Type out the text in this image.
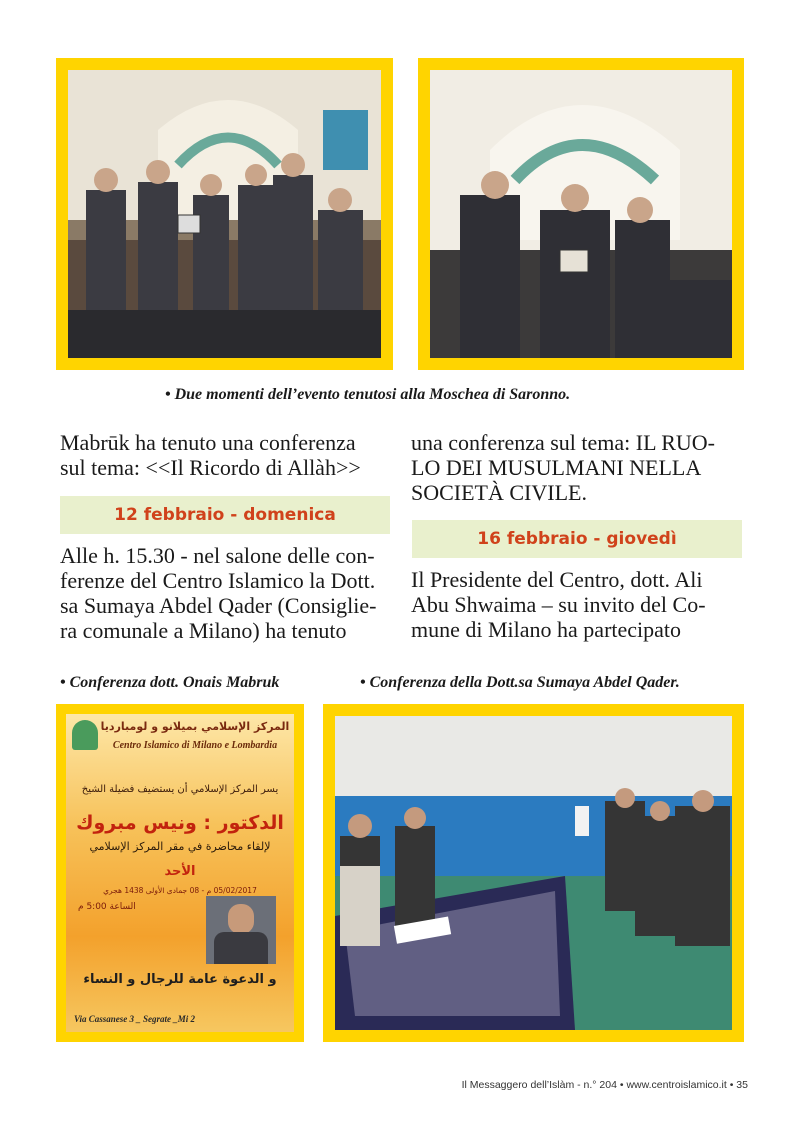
• Due momenti dell’evento tenutosi alla Moschea di Saronno.
Mabrūk ha tenuto una conferenza
sul tema: <<Il Ricordo di Allàh>>
12 febbraio - domenica
Alle h. 15.30 - nel salone delle con-
ferenze del Centro Islamico la Dott.
sa Sumaya Abdel Qader (Consiglie-
ra comunale a Milano) ha tenuto
una conferenza sul tema: IL RUO-
LO DEI MUSULMANI NELLA
SOCIETÀ CIVILE.
16 febbraio - giovedì
Il Presidente del Centro, dott. Ali
Abu Shwaima – su invito del Co-
mune di Milano ha partecipato
• Conferenza dott. Onais Mabruk	• Conferenza della Dott.sa Sumaya Abdel Qader.
المركز الإسلامي بميلانو و لومبارديا
Centro Islamico di Milano e Lombardia
يسر المركز الإسلامي أن يستضيف فضيلة الشيخ
الدكتور : ونيس مبروك
لإلقاء محاضرة في مقر المركز الإسلامي
الأحد
05/02/2017 م - 08 جمادى الأولى 1438 هجري
الساعة 5:00 م
و الدعوة عامة للرجال و النساء
Via Cassanese 3 _ Segrate _Mi 2
Il Messaggero dell’Islàm - n.° 204 • www.centroislamico.it • 35
